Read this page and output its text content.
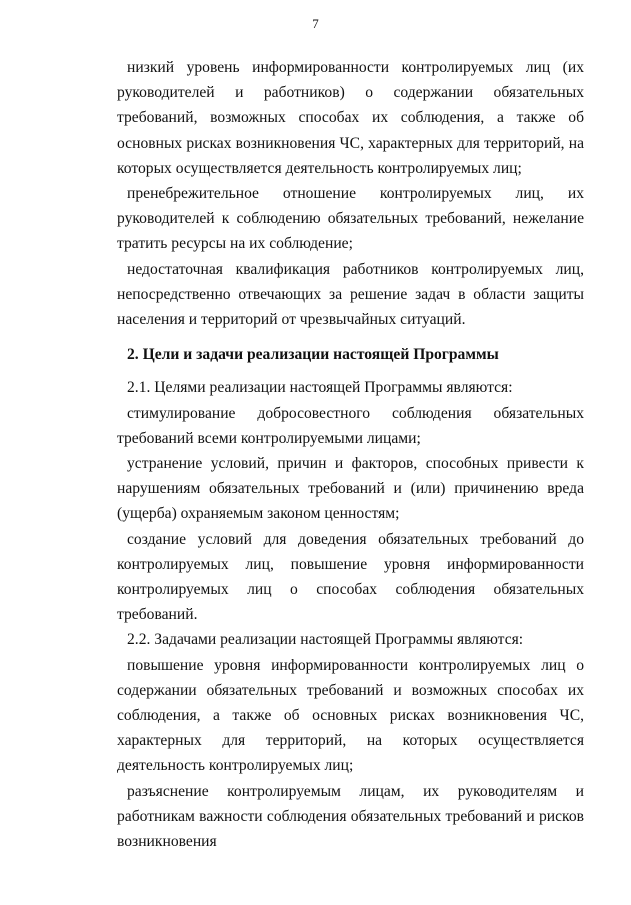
7

низкий уровень информированности контролируемых лиц (их руководителей и работников) о содержании обязательных требований, возможных способах их соблюдения, а также об основных рисках возникновения ЧС, характерных для территорий, на которых осуществляется деятельность контролируемых лиц;

пренебрежительное отношение контролируемых лиц, их руководителей к соблюдению обязательных требований, нежелание тратить ресурсы на их соблюдение;

недостаточная квалификация работников контролируемых лиц, непосредственно отвечающих за решение задач в области защиты населения и территорий от чрезвычайных ситуаций.

2. Цели и задачи реализации настоящей Программы

2.1. Целями реализации настоящей Программы являются:

стимулирование добросовестного соблюдения обязательных требований всеми контролируемыми лицами;

устранение условий, причин и факторов, способных привести к нарушениям обязательных требований и (или) причинению вреда (ущерба) охраняемым законом ценностям;

создание условий для доведения обязательных требований до контролируемых лиц, повышение уровня информированности контролируемых лиц о способах соблюдения обязательных требований.

2.2. Задачами реализации настоящей Программы являются:

повышение уровня информированности контролируемых лиц о содержании обязательных требований и возможных способах их соблюдения, а также об основных рисках возникновения ЧС, характерных для территорий, на которых осуществляется деятельность контролируемых лиц;

разъяснение контролируемым лицам, их руководителям и работникам важности соблюдения обязательных требований и рисков возникновения
